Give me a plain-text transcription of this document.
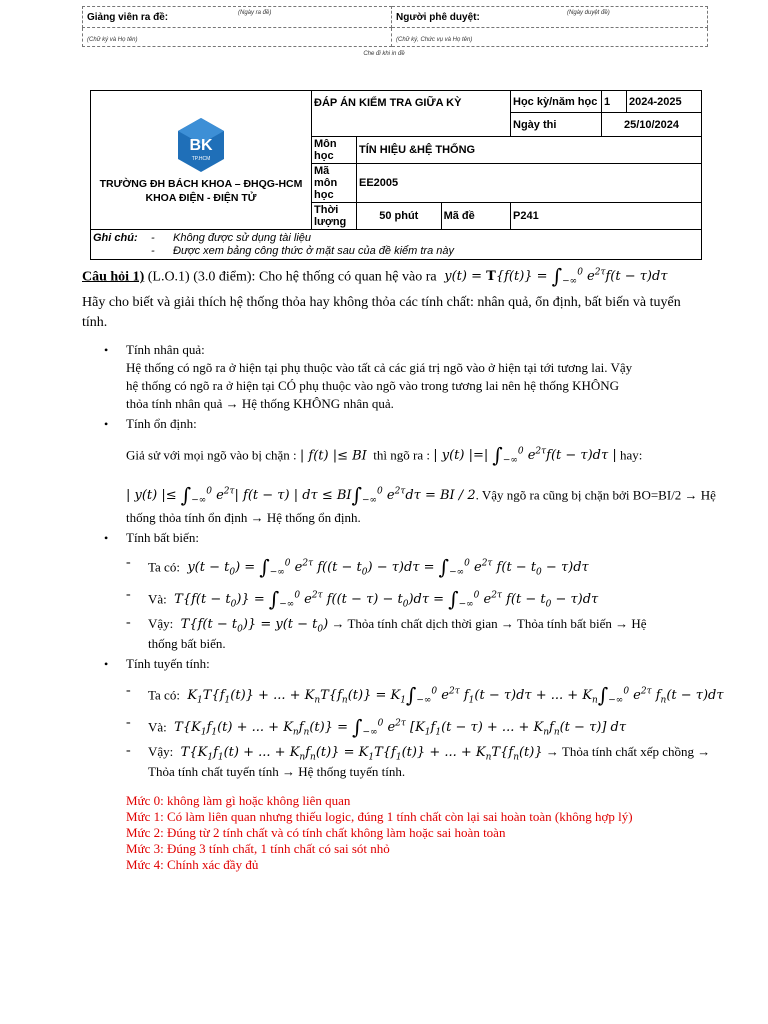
Giảng viên ra đề: (Ngày ra đề)	Người phê duyệt: (Ngày duyệt đề)

(Chữ ký và Họ tên)	(Chữ ký, Chức vụ và Họ tên)
Che đi khi in đề
BK
TP.HCM
TRƯỜNG ĐH BÁCH KHOA – ĐHQG-HCM
KHOA ĐIỆN - ĐIỆN TỬ	ĐÁP ÁN KIỂM TRA GIỮA KỲ			Học kỳ/năm học	1	2024-2025
				Ngày thi	25/10/2024	
	Môn học	TÍN HIỆU &HỆ THỐNG				
	Mã môn học	EE2005				
	Thời lượng	50 phút	Mã đề	P241		

Ghi chú: -      Không được sử dụng tài liệu
-      Được xem bảng công thức ở mặt sau của đề kiểm tra này						
Câu hỏi 1) (L.O.1) (3.0 điểm): Cho hệ thống có quan hệ vào ra  $y(t) = T\{f(t)\} = \int_{-\infty}^0$ $e^{2\tau}f(t - \tau)d\tau$
Hãy cho biết và giải thích hệ thống thỏa hay không thỏa các tính chất: nhân quả, ổn định, bất biến và tuyến tính.
• Tính nhân quả:
Hệ thống có ngõ ra ở hiện tại phụ thuộc vào tất cả các giá trị ngõ vào ở hiện tại tới tương lai. Vậy
hệ thống có ngõ ra ở hiện tại CÓ phụ thuộc vào ngõ vào trong tương lai nên hệ thống KHÔNG
thỏa tính nhân quả → Hệ thống KHÔNG nhân quả.
• Tính ổn định:
Giả sử với mọi ngõ vào bị chặn : | f(t) |≤ BI thì ngõ ra : | y(t) |=| $\int_{-\infty}^0$ $e^{2\tau}f(t - \tau)d\tau$ | hay:
| y(t) |≤ $\int_{-\infty}^0$ $e^{2\tau}|$ f(t − τ) | $d\tau \le BI\int_{-\infty}^0$ $e^{2\tau}d\tau$ = BI / 2. Vậy ngõ ra cũng bị chặn bởi BO=BI/2 → Hệ
thống thỏa tính ổn định → Hệ thống ổn định.
• Tính bất biến:
- Ta có:  $y(t - t_0) = \int_{-\infty}^0$ $e^{2\tau}$ $f((t - t_0) - \tau)d\tau = \int_{-\infty}^0$ $e^{2\tau}$ $f(t - t_0 - \tau)d\tau$
- Và:  $T\{f(t - t_0)\} = \int_{-\infty}^0$ $e^{2\tau}$ $f((t - \tau) - t_0)d\tau = \int_{-\infty}^0$ $e^{2\tau}$ $f(t - t_0 - \tau)d\tau$
- Vậy:  $T\{f(t - t_0)\} = y(t - t_0)$ → Thỏa tính chất dịch thời gian → Thỏa tính bất biến → Hệ
thống bất biến.
• Tính tuyến tính:
- Ta có:  $K_1T\{f_1(t)\}$ + ... + $K_nT\{f_n(t)\} = K_1\int_{-\infty}^0$ $e^{2\tau}$ $f_1(t - \tau)d\tau$ + ... + $K_n\int_{-\infty}^0$ $e^{2\tau}$ $f_n(t - \tau)d\tau$
- Và:  $T\{K_1f_1(t)$ + ... + $K_nf_n(t)\} = \int_{-\infty}^0$ $e^{2\tau}$ [$K_1f_1(t - \tau)$ + ... + $K_nf_n(t - \tau)$] dτ
- Vậy:  $T\{K_1f_1(t)$ + ... + $K_nf_n(t)\} = K_1T\{f_1(t)\}$ + ... + $K_nT\{f_n(t)\}$ → Thỏa tính chất xếp chồng →
Thỏa tính chất tuyến tính → Hệ thống tuyến tính.
Mức 0: không làm gì hoặc không liên quan
Mức 1: Có làm liên quan nhưng thiếu logic, đúng 1 tính chất còn lại sai hoàn toàn (không hợp lý)
Mức 2: Đúng từ 2 tính chất và có tính chất không làm hoặc sai hoàn toàn
Mức 3: Đúng 3 tính chất, 1 tính chất có sai sót nhỏ
Mức 4: Chính xác đầy đủ
